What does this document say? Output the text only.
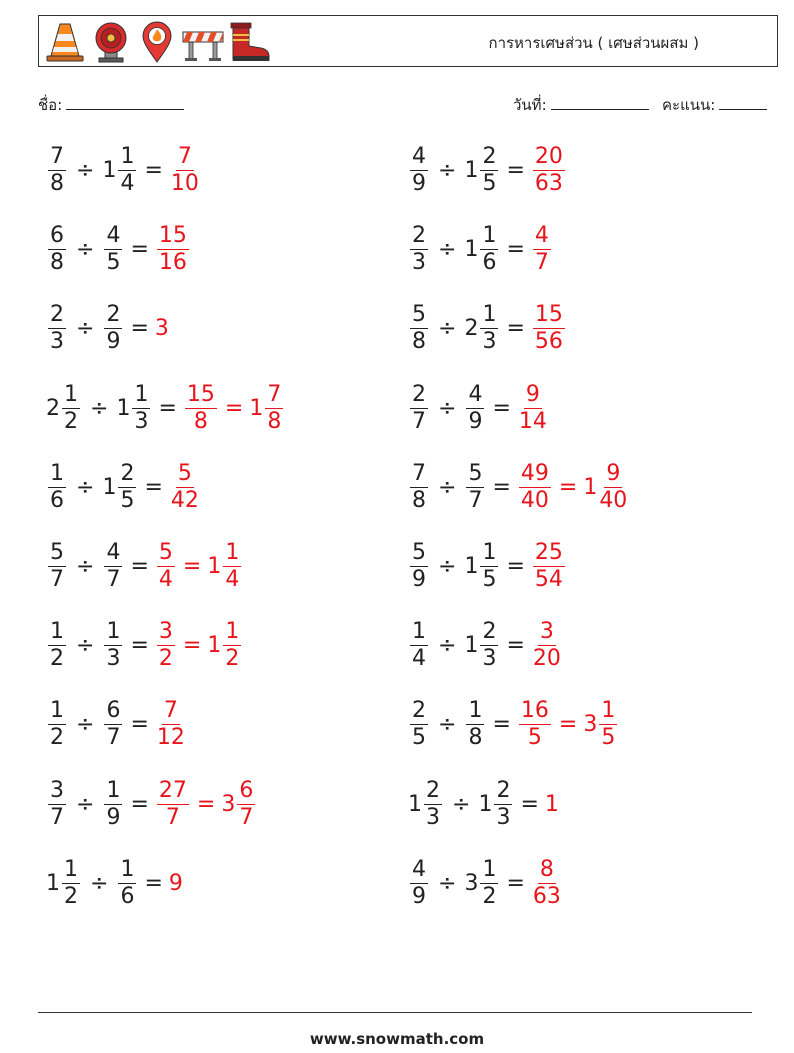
การหารเศษส่วน ( เศษส่วนผสม )
ชื่อ:	วันที่:	คะแนน:
$\frac{7}{8} \div 1 \frac{1}{4} = \frac{7}{10}$	$\frac{4}{9} \div 1 \frac{2}{5} = \frac{20}{63}$
$\frac{6}{8} \div \frac{4}{5} = \frac{15}{16}$	$\frac{2}{3} \div 1 \frac{1}{6} = \frac{4}{7}$
$\frac{2}{3} \div \frac{2}{9} = 3$	$\frac{5}{8} \div 2 \frac{1}{3} = \frac{15}{56}$
$2 \frac{1}{2} \div 1 \frac{1}{3} = \frac{15}{8} = 1 \frac{7}{8}$	$\frac{2}{7} \div \frac{4}{9} = \frac{9}{14}$
$\frac{1}{6} \div 1 \frac{2}{5} = \frac{5}{42}$	$\frac{7}{8} \div \frac{5}{7} = \frac{49}{40} = 1 \frac{9}{40}$
$\frac{5}{7} \div \frac{4}{7} = \frac{5}{4} = 1 \frac{1}{4}$	$\frac{5}{9} \div 1 \frac{1}{5} = \frac{25}{54}$
$\frac{1}{2} \div \frac{1}{3} = \frac{3}{2} = 1 \frac{1}{2}$	$\frac{1}{4} \div 1 \frac{2}{3} = \frac{3}{20}$
$\frac{1}{2} \div \frac{6}{7} = \frac{7}{12}$	$\frac{2}{5} \div \frac{1}{8} = \frac{16}{5} = 3 \frac{1}{5}$
$\frac{3}{7} \div \frac{1}{9} = \frac{27}{7} = 3 \frac{6}{7}$	$1 \frac{2}{3} \div 1 \frac{2}{3} = 1$
$1 \frac{1}{2} \div \frac{1}{6} = 9$	$\frac{4}{9} \div 3 \frac{1}{2} = \frac{8}{63}$
www.snowmath.com
